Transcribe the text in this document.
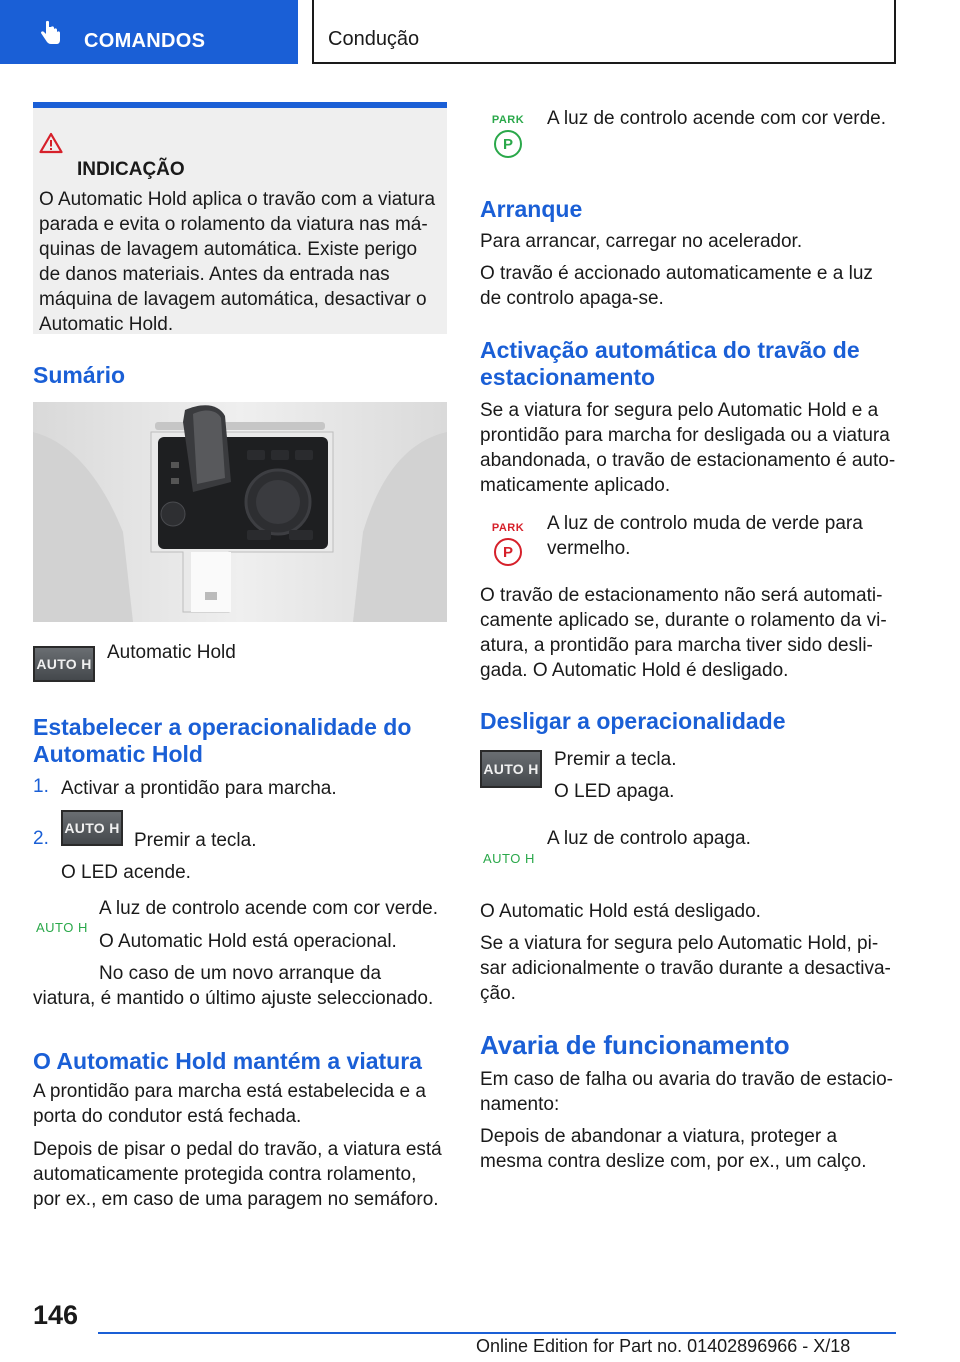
COMANDOS	Condução
INDICAÇÃO

O Automatic Hold aplica o travão com a viatura parada e evita o rolamento da viatura nas máquinas de lavagem automática. Existe perigo de danos materiais. Antes da entrada nas máquina de lavagem automática, desactivar o Automatic Hold.

Sumário
AUTO H

Automatic Hold

Estabelecer a operacionalidade do Automatic Hold
1. Activar a prontidão para marcha.

2. AUTO H

Premir a tecla.

O LED acende.

AUTO H

A luz de controlo acende com cor verde.

O Automatic Hold está operacional.

No caso de um novo arranque da viatura, é mantido o último ajuste seleccionado.

O Automatic Hold mantém a viatura

A prontidão para marcha está estabelecida e a porta do condutor está fechada.

Depois de pisar o pedal do travão, a viatura está automaticamente protegida contra rolamento, por ex., em caso de uma paragem no semáforo.

PARK
P

A luz de controlo acende com cor verde.

Arranque

Para arrancar, carregar no acelerador.

O travão é accionado automaticamente e a luz de controlo apaga-se.

Activação automática do travão de estacionamento

Se a viatura for segura pelo Automatic Hold e a prontidão para marcha for desligada ou a viatura abandonada, o travão de estacionamento é automaticamente aplicado.

PARK
P

A luz de controlo muda de verde para vermelho.

O travão de estacionamento não será automaticamente aplicado se, durante o rolamento da viatura, a prontidão para marcha tiver sido desligada. O Automatic Hold é desligado.

Desligar a operacionalidade
AUTO H Premir a tecla.

O LED apaga.

AUTO H

A luz de controlo apaga.

O Automatic Hold está desligado.

Se a viatura for segura pelo Automatic Hold, pisar adicionalmente o travão durante a desactivação.

Avaria de funcionamento

Em caso de falha ou avaria do travão de estacionamento:

Depois de abandonar a viatura, proteger a mesma contra deslize com, por ex., um calço.

146
Online Edition for Part no. 01402896966 - X/18
